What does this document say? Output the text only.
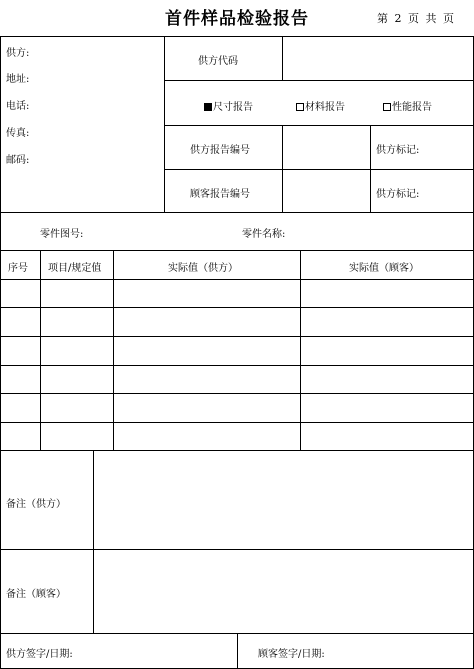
首件样品检验报告	第 2 页 共 页
供方:
地址:
电话:
传真:
邮码:
供方代码
尺寸报告	材料报告	性能报告
供方报告编号	供方标记:
顾客报告编号	供方标记:
零件图号:	零件名称:
序号 项目/规定值	实际值（供方）	实际值（顾客）
备注（供方）
备注（顾客）
供方签字/日期:	顾客签字/日期:
